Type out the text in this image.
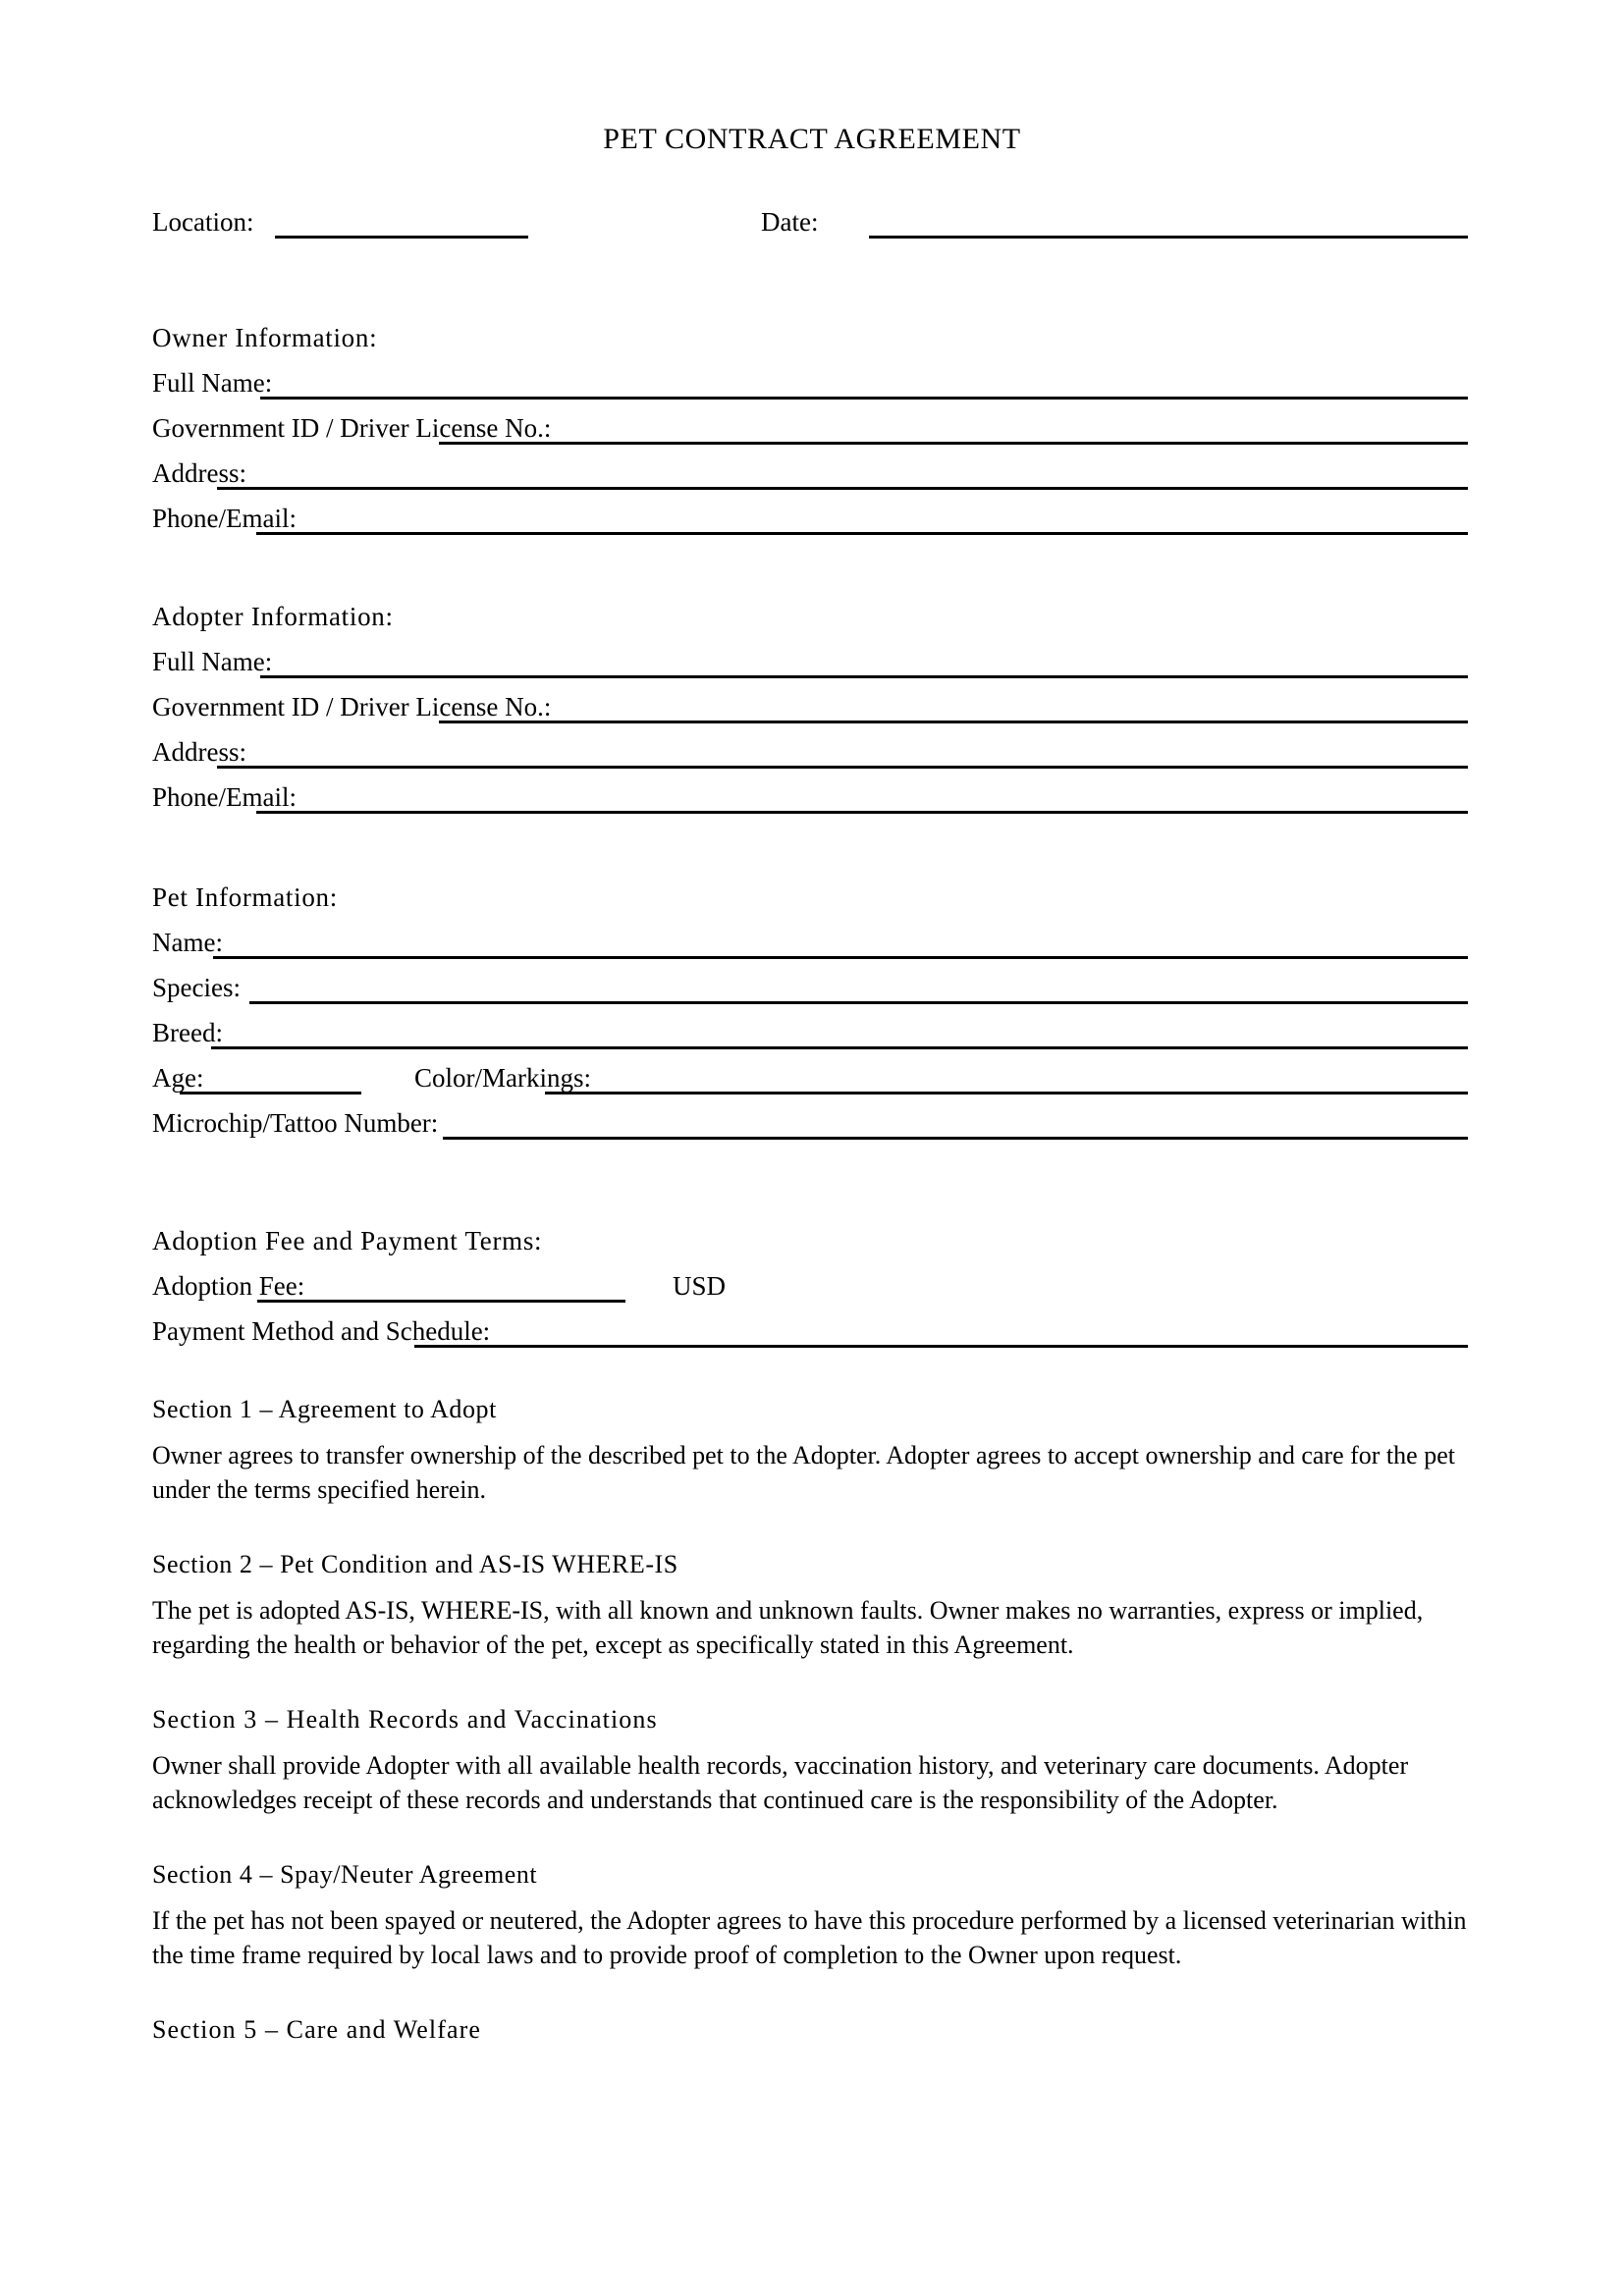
PET CONTRACT AGREEMENT
Location:	Date:
Owner Information:
Full Name:
Government ID / Driver License No.:
Address:
Phone/Email:
Adopter Information:
Full Name:
Government ID / Driver License No.:
Address:
Phone/Email:
Pet Information:
Name:
Species:
Breed:
Age:	Color/Markings:
Microchip/Tattoo Number:
Adoption Fee and Payment Terms:
Adoption Fee:	USD
Payment Method and Schedule:
Section 1 – Agreement to Adopt
Owner agrees to transfer ownership of the described pet to the Adopter. Adopter agrees to accept ownership and care for the pet under the terms specified herein.
Section 2 – Pet Condition and AS-IS WHERE-IS
The pet is adopted AS-IS, WHERE-IS, with all known and unknown faults. Owner makes no warranties, express or implied, regarding the health or behavior of the pet, except as specifically stated in this Agreement.
Section 3 – Health Records and Vaccinations
Owner shall provide Adopter with all available health records, vaccination history, and veterinary care documents. Adopter acknowledges receipt of these records and understands that continued care is the responsibility of the Adopter.
Section 4 – Spay/Neuter Agreement
If the pet has not been spayed or neutered, the Adopter agrees to have this procedure performed by a licensed veterinarian within the time frame required by local laws and to provide proof of completion to the Owner upon request.
Section 5 – Care and Welfare
